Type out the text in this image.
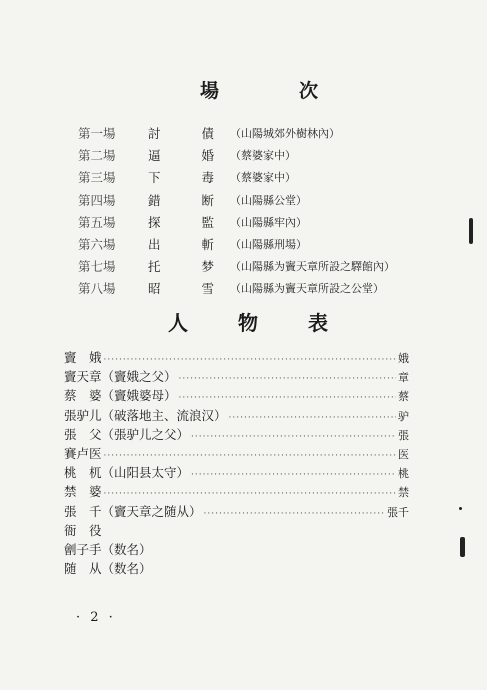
場	次
第一場	討	債	（山陽城郊外樹林內）
第二場	逼	婚	（蔡婆家中）
第三場	下	毒	（蔡婆家中）
第四場	錯	断	（山陽縣公堂）
第五場	探	監	（山陽縣牢內）
第六場	出	斬	（山陽縣刑場）
第七場	托	梦	（山陽縣为竇天章所設之驛館內）
第八場	昭	雪	（山陽縣为竇天章所設之公堂）
人	物	表
竇　娥 ·····	娥
竇天章（竇娥之父） ·····	章
蔡　婆（竇娥婆母） ·····	蔡
張驴儿（破落地主、流浪汉） ·····	驴
張　父（張驴儿之父） ·····	張
賽卢医 ·····	医
桃　杌（山阳县太守） ·····	桃
禁　婆 ·····	禁
張　千（竇天章之随从） ·····	張千
衙　役
劊子手（数名）
随　从（数名）
· 2 ·
